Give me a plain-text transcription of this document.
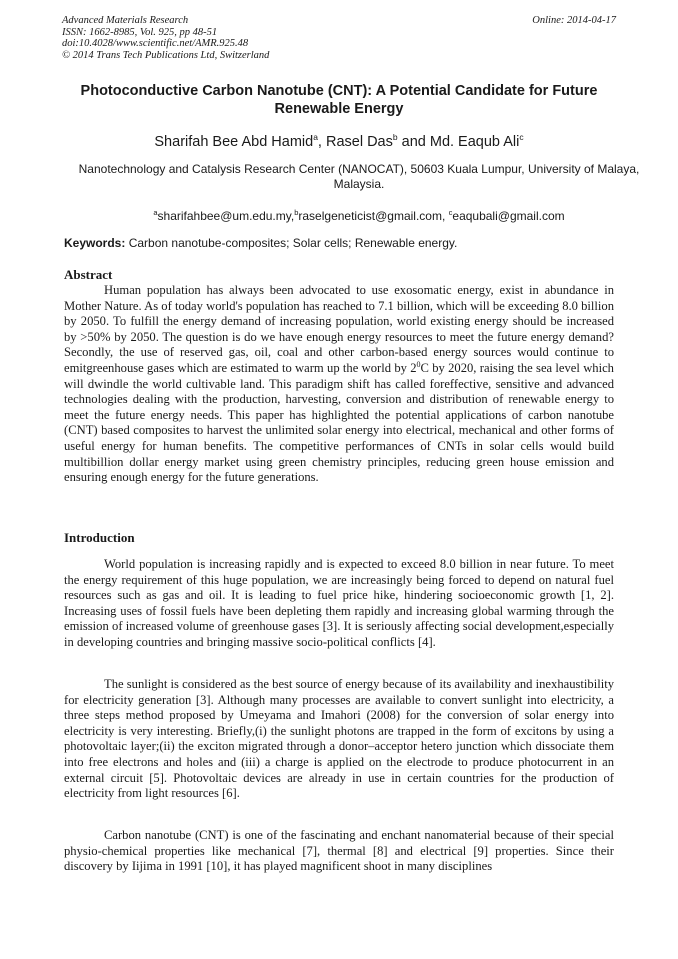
Advanced Materials Research
ISSN: 1662-8985, Vol. 925, pp 48-51
doi:10.4028/www.scientific.net/AMR.925.48
© 2014 Trans Tech Publications Ltd, Switzerland
Online: 2014-04-17
Photoconductive Carbon Nanotube (CNT): A Potential Candidate for Future Renewable Energy
Sharifah Bee Abd Hamid$^a$, Rasel Das$^b$ and Md. Eaqub Ali$^c$
Nanotechnology and Catalysis Research Center (NANOCAT), 50603 Kuala Lumpur, University of Malaya, Malaysia.
$^a$sharifahbee@um.edu.my,$^b$raselgeneticist@gmail.com, $^c$eaqubali@gmail.com
Keywords: Carbon nanotube-composites; Solar cells; Renewable energy.
Abstract

Human population has always been advocated to use exosomatic energy, exist in abundance in Mother Nature. As of today world's population has reached to 7.1 billion, which will be exceeding 8.0 billion by 2050. To fulfill the energy demand of increasing population, world existing energy should be increased by >50% by 2050. The question is do we have enough energy resources to meet the future energy demand? Secondly, the use of reserved gas, oil, coal and other carbon-based energy sources would continue to emitgreenhouse gases which are estimated to warm up the world by $2^0C$ by 2020, raising the sea level which will dwindle the world cultivable land. This paradigm shift has called foreffective, sensitive and advanced technologies dealing with the production, harvesting, conversion and distribution of renewable energy to meet the future energy needs. This paper has highlighted the potential applications of carbon nanotube (CNT) based composites to harvest the unlimited solar energy into electrical, mechanical and other forms of useful energy for human benefits. The competitive performances of CNTs in solar cells would build multibillion dollar energy market using green chemistry principles, reducing green house emission and ensuring enough energy for the future generations.

Introduction

World population is increasing rapidly and is expected to exceed 8.0 billion in near future. To meet the energy requirement of this huge population, we are increasingly being forced to depend on natural fuel resources such as gas and oil. It is leading to fuel price hike, hindering socioeconomic growth [1, 2]. Increasing uses of fossil fuels have been depleting them rapidly and increasing global warming through the emission of increased volume of greenhouse gases [3]. It is seriously affecting social development,especially in developing countries and bringing massive socio-political conflicts [4].

The sunlight is considered as the best source of energy because of its availability and inexhaustibility for electricity generation [3]. Although many processes are available to convert sunlight into electricity, a three steps method proposed by Umeyama and Imahori (2008) for the conversion of solar energy into electricity is very interesting. Briefly,(i) the sunlight photons are trapped in the form of excitons by using a photovoltaic layer;(ii) the exciton migrated through a donor–acceptor hetero junction which dissociate them into free electrons and holes and (iii) a charge is applied on the electrode to produce photocurrent in an external circuit [5]. Photovoltaic devices are already in use in certain countries for the production of electricity from light resources [6].

Carbon nanotube (CNT) is one of the fascinating and enchant nanomaterial because of their special physio-chemical properties like mechanical [7], thermal [8] and electrical [9] properties. Since their discovery by Iijima in 1991 [10], it has played magnificent shoot in many disciplines
